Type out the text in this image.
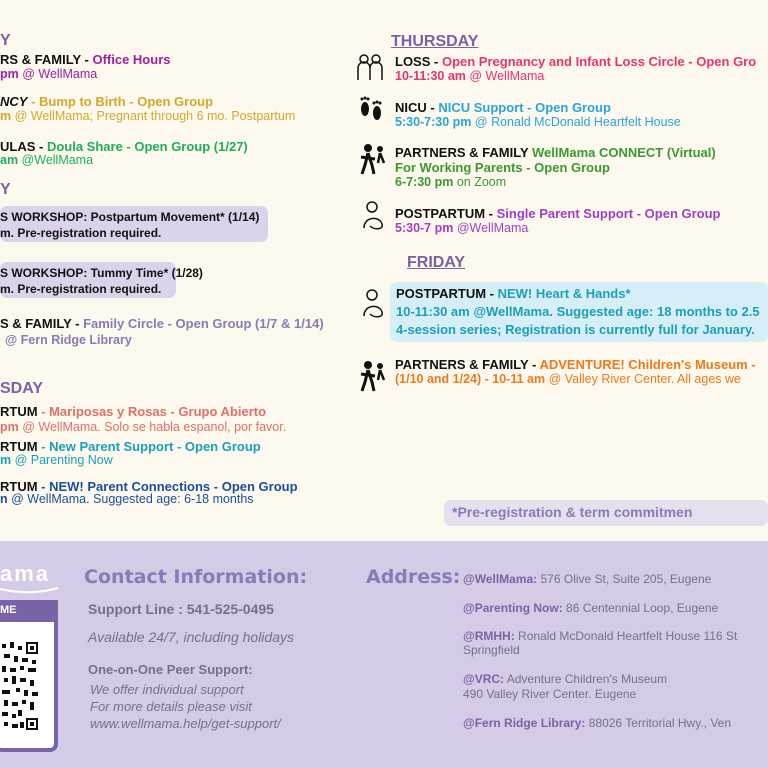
Y
RS & FAMILY - Office Hours
pm @ WellMama
NCY - Bump to Birth - Open Group
m @ WellMama; Pregnant through 6 mo. Postpartum
ULAS - Doula Share - Open Group (1/27)
am @WellMama
Y
S WORKSHOP: Postpartum Movement* (1/14)
m. Pre-registration required.
S WORKSHOP: Tummy Time* (1/28)
m. Pre-registration required.
S & FAMILY - Family Circle - Open Group (1/7 & 1/14)
@ Fern Ridge Library
SDAY
RTUM - Mariposas y Rosas - Grupo Abierto
pm @ WellMama. Solo se habla espanol, por favor.
RTUM - New Parent Support - Open Group
m @ Parenting Now
RTUM - NEW! Parent Connections - Open Group
n @ WellMama. Suggested age: 6-18 months
THURSDAY
LOSS - Open Pregnancy and Infant Loss Circle - Open Gro
10-11:30 am @ WellMama
NICU - NICU Support - Open Group
5:30-7:30 pm @ Ronald McDonald Heartfelt House
PARTNERS & FAMILY WellMama CONNECT (Virtual)
For Working Parents - Open Group
6-7:30 pm on Zoom
POSTPARTUM - Single Parent Support - Open Group
5:30-7 pm @WellMama
FRIDAY
POSTPARTUM - NEW! Heart & Hands*
10-11:30 am @WellMama. Suggested age: 18 months to 2.5
4-session series; Registration is currently full for January.
PARTNERS & FAMILY - ADVENTURE! Children's Museum -
(1/10 and 1/24) - 10-11 am @ Valley River Center. All ages we
*Pre-registration & term commitmen
ama
ME
Contact Information:
Support Line : 541-525-0495
Available 24/7, including holidays
One-on-One Peer Support:
We offer individual support
For more details please visit
www.wellmama.help/get-support/
Address: @WellMama: 576 Olive St, Suite 205, Eugene
@Parenting Now: 86 Centennial Loop, Eugene
@RMHH: Ronald McDonald Heartfelt House 116 St
Springfield
@VRC: Adventure Children's Museum
490 Valley River Center. Eugene
@Fern Ridge Library: 88026 Territorial Hwy., Ven
